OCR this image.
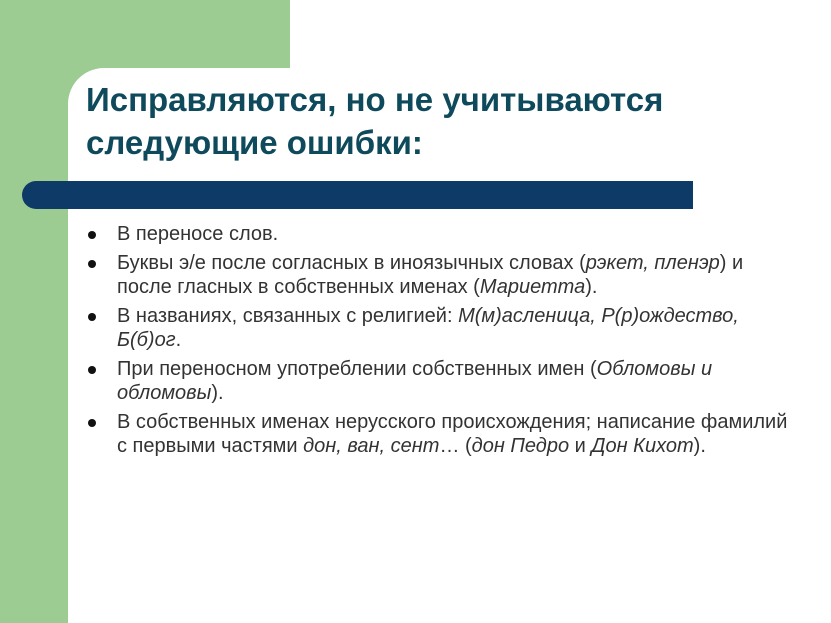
Исправляются, но не учитываются
следующие ошибки:
В переносе слов.
Буквы э/е после согласных в иноязычных словах (рэкет, пленэр) и после гласных в собственных именах (Мариетта).
В названиях, связанных с религией: М(м)асленица, Р(р)ождество, Б(б)ог.
При переносном употреблении собственных имен (Обломовы и обломовы).
В собственных именах нерусского происхождения; написание фамилий с первыми частями дон, ван, сент… (дон Педро и Дон Кихот).
